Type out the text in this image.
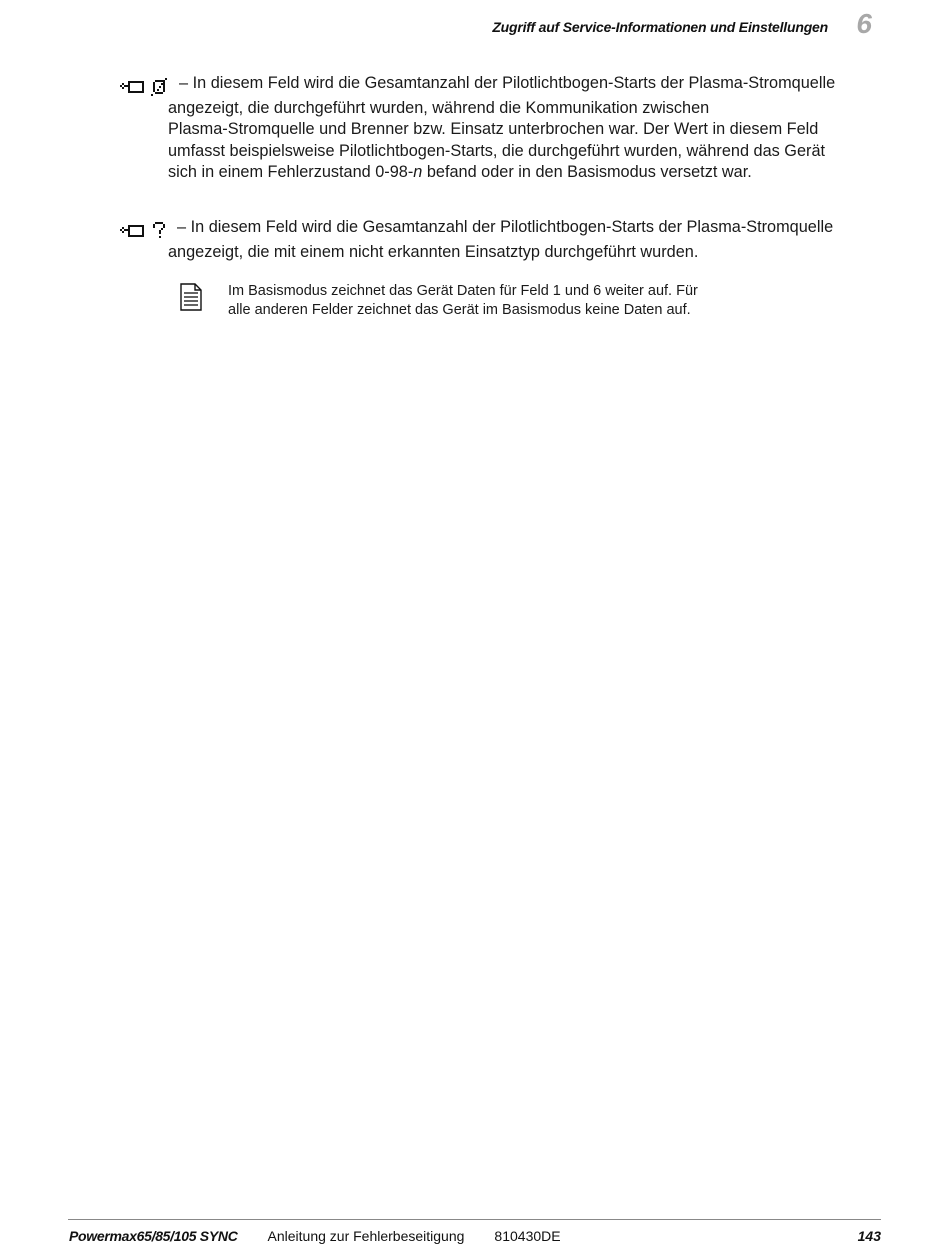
Zugriff auf Service-Informationen und Einstellungen 6
– In diesem Feld wird die Gesamtanzahl der Pilotlichtbogen-Starts der Plasma-Stromquelle
angezeigt, die durchgeführt wurden, während die Kommunikation zwischen
Plasma-Stromquelle und Brenner bzw. Einsatz unterbrochen war. Der Wert in diesem Feld
umfasst beispielsweise Pilotlichtbogen-Starts, die durchgeführt wurden, während das Gerät
sich in einem Fehlerzustand 0-98-n befand oder in den Basismodus versetzt war.
– In diesem Feld wird die Gesamtanzahl der Pilotlichtbogen-Starts der Plasma-Stromquelle
angezeigt, die mit einem nicht erkannten Einsatztyp durchgeführt wurden.
Im Basismodus zeichnet das Gerät Daten für Feld 1 und 6 weiter auf. Für
alle anderen Felder zeichnet das Gerät im Basismodus keine Daten auf.
Powermax65/85/105 SYNC Anleitung zur Fehlerbeseitigung 810430DE	143
